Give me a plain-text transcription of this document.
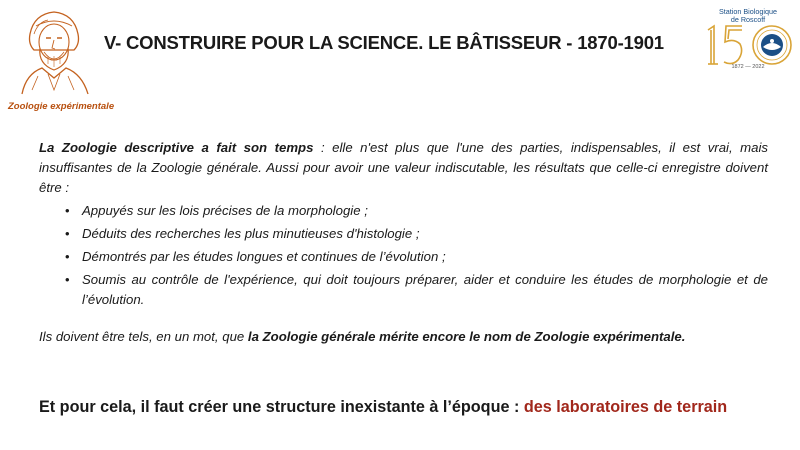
Zoologie expérimentale
V- CONSTRUIRE POUR LA SCIENCE. LE BÂTISSEUR - 1870-1901
Station Biologique
de Roscoff
1872 — 2022

La Zoologie descriptive a fait son temps : elle n'est plus que l'une des parties, indispensables, il est vrai, mais insuffisantes de la Zoologie générale. Aussi pour avoir une valeur indiscutable, les résultats que celle-ci enregistre doivent être :

• Appuyés sur les lois précises de la morphologie ;
• Déduits des recherches les plus minutieuses d'histologie ;
• Démontrés par les études longues et continues de l’évolution ;
• Soumis au contrôle de l'expérience, qui doit toujours préparer, aider et conduire les études de morphologie et de l’évolution.

Ils doivent être tels, en un mot, que la Zoologie générale mérite encore le nom de Zoologie expérimentale.

Et pour cela, il faut créer une structure inexistante à l’époque : des laboratoires de terrain
